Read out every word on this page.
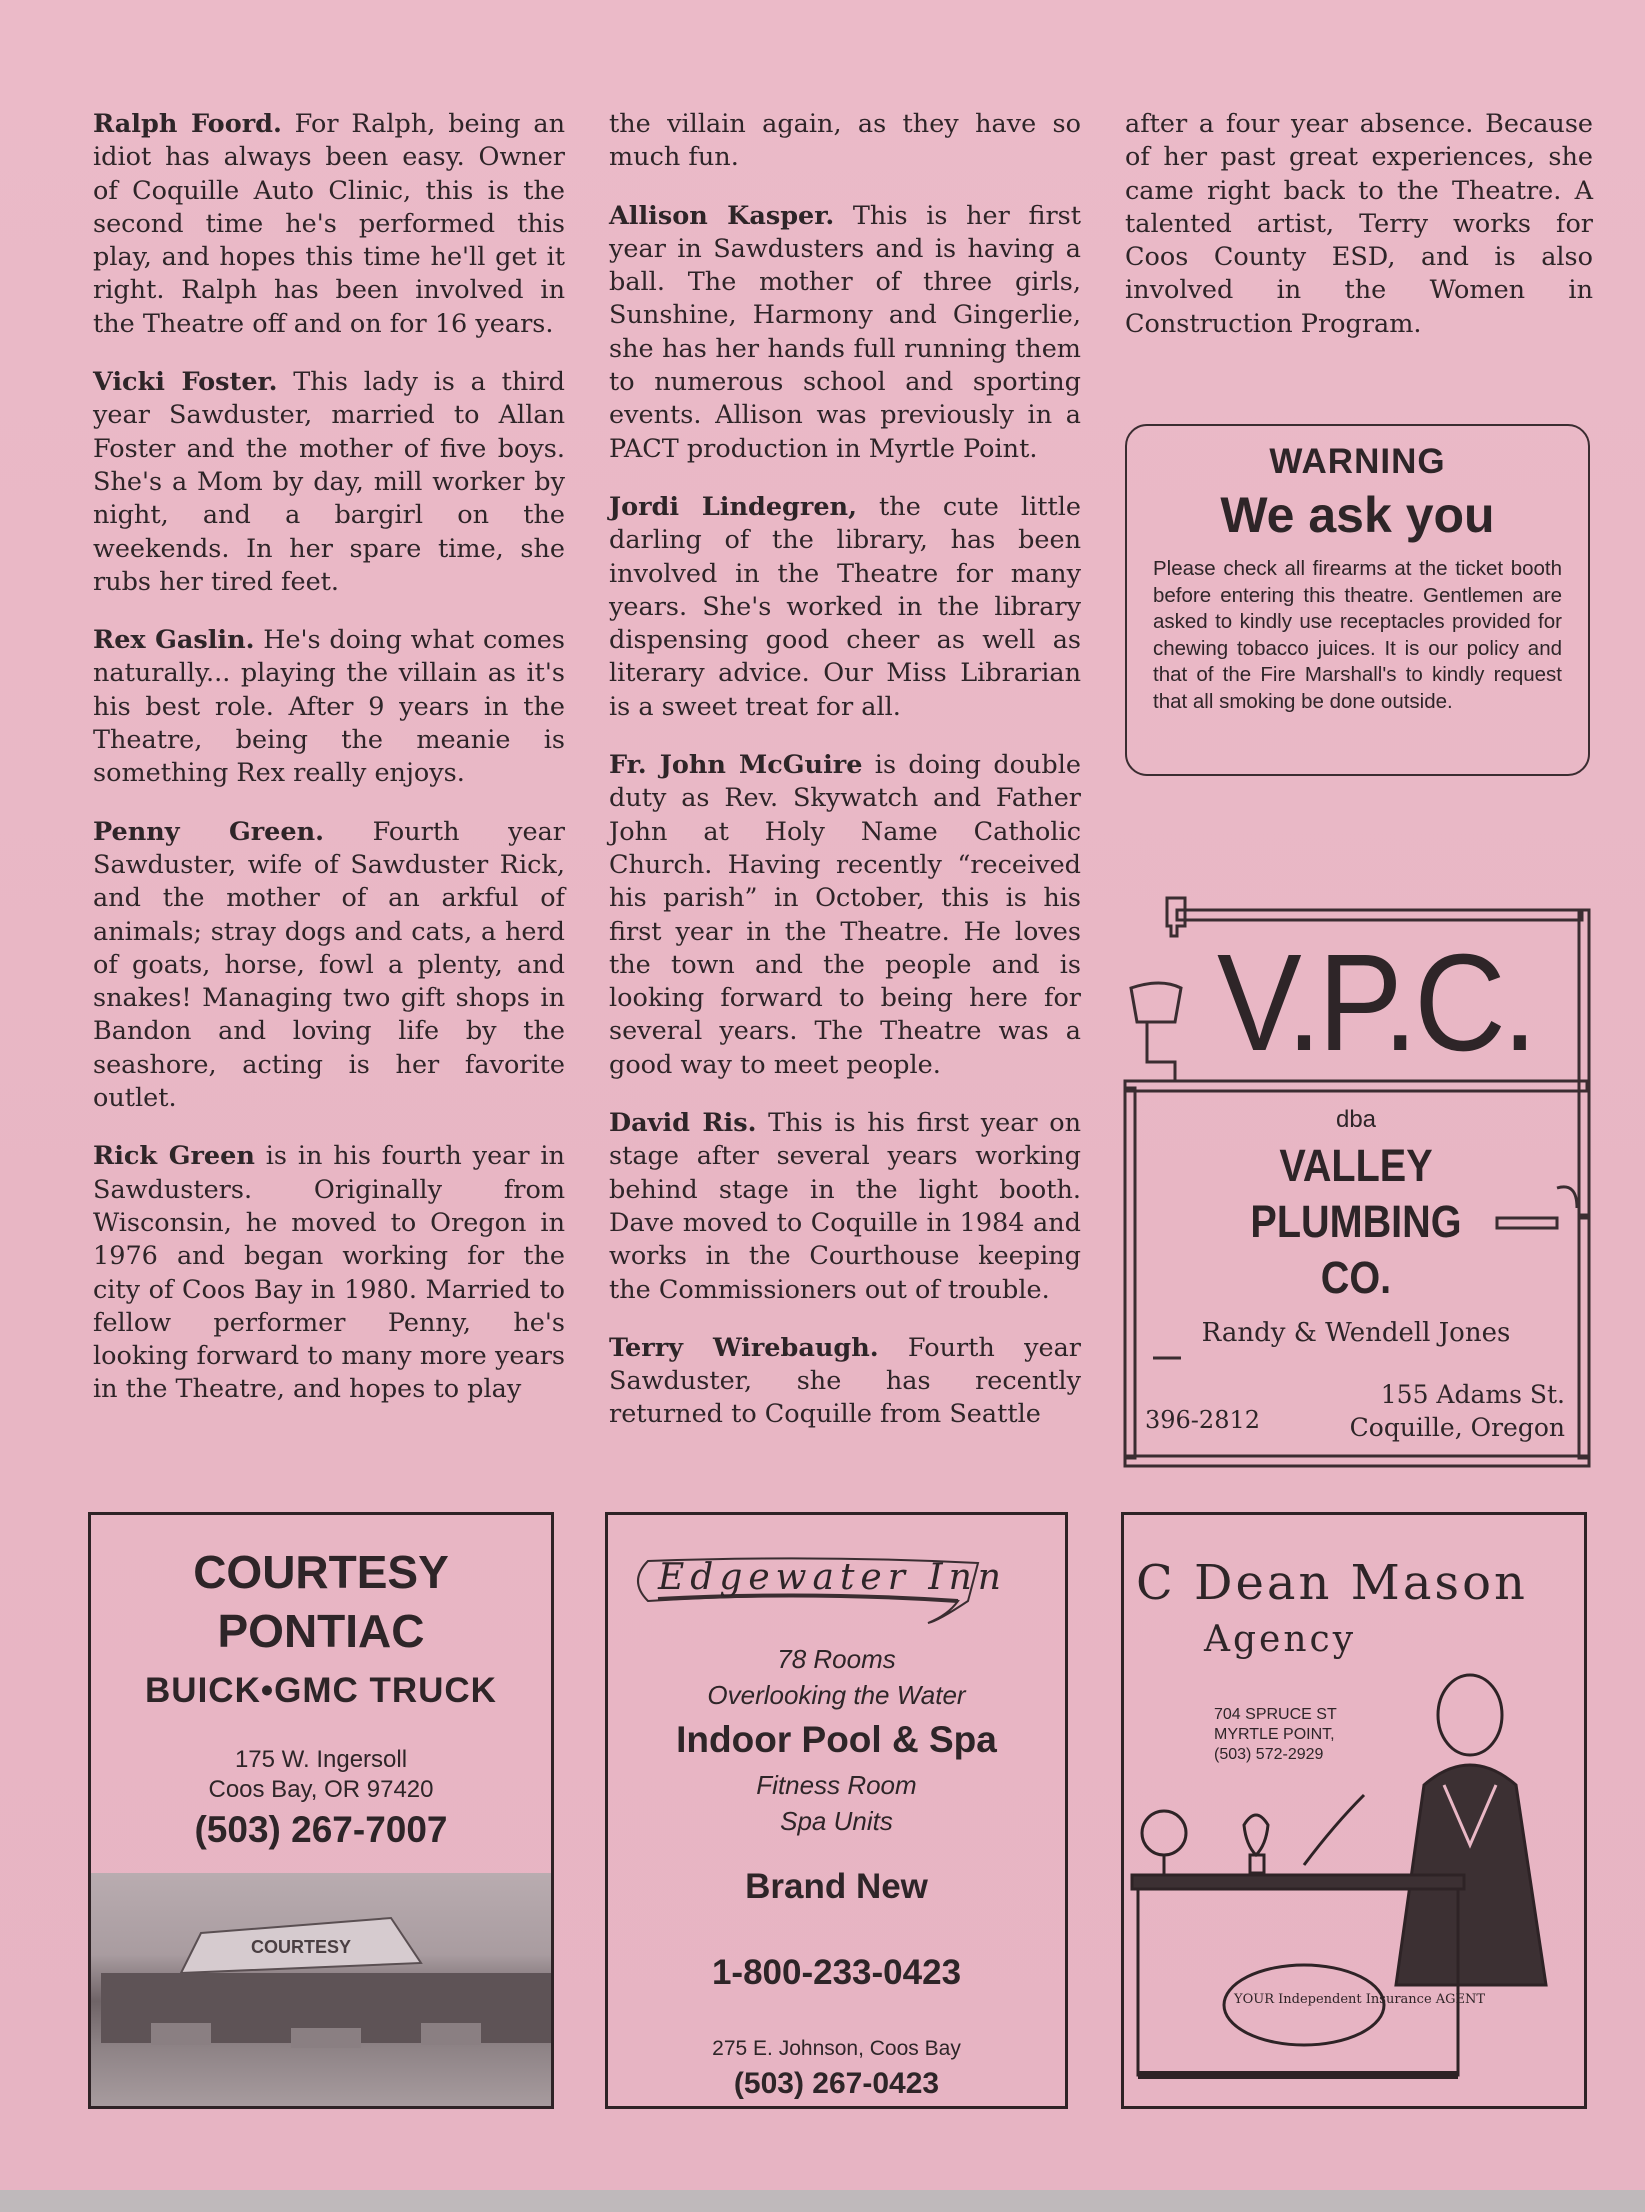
Ralph Foord. For Ralph, being an idiot has always been easy. Owner of Coquille Auto Clinic, this is the second time he's performed this play, and hopes this time he'll get it right. Ralph has been involved in the Theatre off and on for 16 years.

Vicki Foster. This lady is a third year Sawduster, married to Allan Foster and the mother of five boys. She's a Mom by day, mill worker by night, and a bargirl on the weekends. In her spare time, she rubs her tired feet.

Rex Gaslin. He's doing what comes naturally... playing the villain as it's his best role. After 9 years in the Theatre, being the meanie is something Rex really enjoys.

Penny Green. Fourth year Sawduster, wife of Sawduster Rick, and the mother of an arkful of animals; stray dogs and cats, a herd of goats, horse, fowl a plenty, and snakes! Managing two gift shops in Bandon and loving life by the seashore, acting is her favorite outlet.

Rick Green is in his fourth year in Sawdusters. Originally from Wisconsin, he moved to Oregon in 1976 and began working for the city of Coos Bay in 1980. Married to fellow performer Penny, he's looking forward to many more years in the Theatre, and hopes to play

the villain again, as they have so much fun.

Allison Kasper. This is her first year in Sawdusters and is having a ball. The mother of three girls, Sunshine, Harmony and Gingerlie, she has her hands full running them to numerous school and sporting events. Allison was previously in a PACT production in Myrtle Point.

Jordi Lindegren, the cute little darling of the library, has been involved in the Theatre for many years. She's worked in the library dispensing good cheer as well as literary advice. Our Miss Librarian is a sweet treat for all.

Fr. John McGuire is doing double duty as Rev. Skywatch and Father John at Holy Name Catholic Church. Having recently “received his parish” in October, this is his first year in the Theatre. He loves the town and the people and is looking forward to being here for several years. The Theatre was a good way to meet people.

David Ris. This is his first year on stage after several years working behind stage in the light booth. Dave moved to Coquille in 1984 and works in the Courthouse keeping the Commissioners out of trouble.

Terry Wirebaugh. Fourth year Sawduster, she has recently returned to Coquille from Seattle

after a four year absence. Because of her past great experiences, she came right back to the Theatre. A talented artist, Terry works for Coos County ESD, and is also involved in the Women in Construction Program.

WARNING
We ask you
Please check all firearms at the ticket booth before entering this theatre. Gentlemen are asked to kindly use receptacles provided for chewing tobacco juices. It is our policy and that of the Fire Marshall's to kindly request that all smoking be done outside.
V.P.C.
dba
VALLEY
PLUMBING
CO.
Randy & Wendell Jones
155 Adams St.
Coquille, Oregon
396-2812
COURTESY
PONTIAC
BUICK•GMC TRUCK
175 W. Ingersoll
Coos Bay, OR 97420
(503) 267-7007
COURTESY
Edgewater Inn
78 Rooms
Overlooking the Water
Indoor Pool & Spa
Fitness Room
Spa Units
Brand New
1-800-233-0423
275 E. Johnson, Coos Bay
(503) 267-0423
YOUR Independent Insurance AGENT
C Dean Mason
Agency
704 SPRUCE ST
MYRTLE POINT,
(503) 572-2929
